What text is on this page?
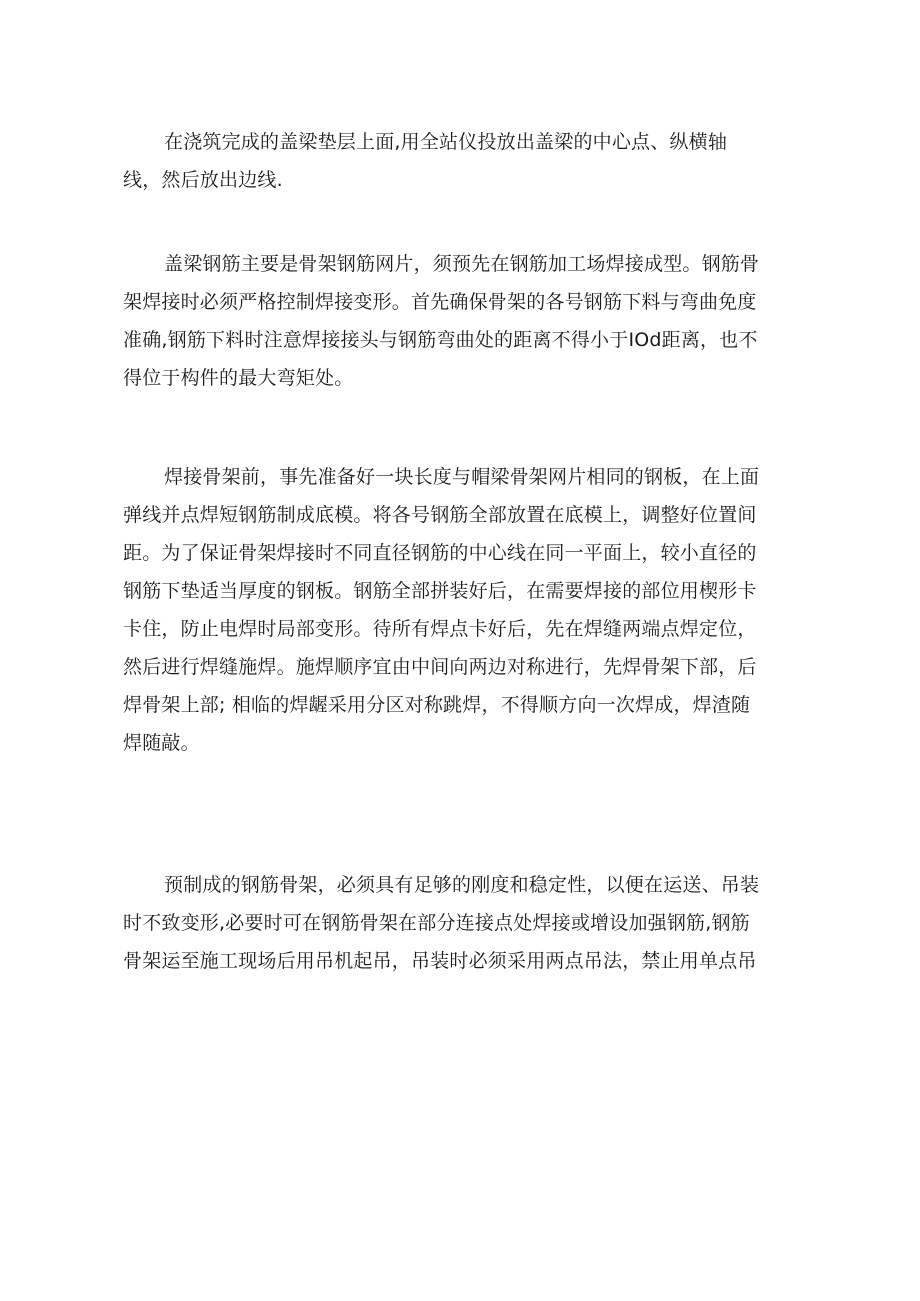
在浇筑完成的盖梁垫层上面,用全站仪投放出盖梁的中心点、纵横轴
线，然后放出边线.
盖梁钢筋主要是骨架钢筋网片，须预先在钢筋加工场焊接成型。钢筋骨
架焊接时必须严格控制焊接变形。首先确保骨架的各号钢筋下料与弯曲免度
准确,钢筋下料时注意焊接接头与钢筋弯曲处的距离不得小于IOd距离，也不
得位于构件的最大弯矩处。
焊接骨架前，事先准备好一块长度与帽梁骨架网片相同的钢板，在上面
弹线并点焊短钢筋制成底模。将各号钢筋全部放置在底模上，调整好位置间
距。为了保证骨架焊接时不同直径钢筋的中心线在同一平面上，较小直径的
钢筋下垫适当厚度的钢板。钢筋全部拼装好后，在需要焊接的部位用楔形卡
卡住，防止电焊时局部变形。待所有焊点卡好后，先在焊缝两端点焊定位，
然后进行焊缝施焊。施焊顺序宜由中间向两边对称进行，先焊骨架下部，后
焊骨架上部; 相临的焊龌采用分区对称跳焊，不得顺方向一次焊成，焊渣随
焊随敲。
预制成的钢筋骨架，必须具有足够的刚度和稳定性，以便在运送、吊装
时不致变形,必要时可在钢筋骨架在部分连接点处焊接或增设加强钢筋,钢筋
骨架运至施工现场后用吊机起吊，吊装时必须采用两点吊法，禁止用单点吊
